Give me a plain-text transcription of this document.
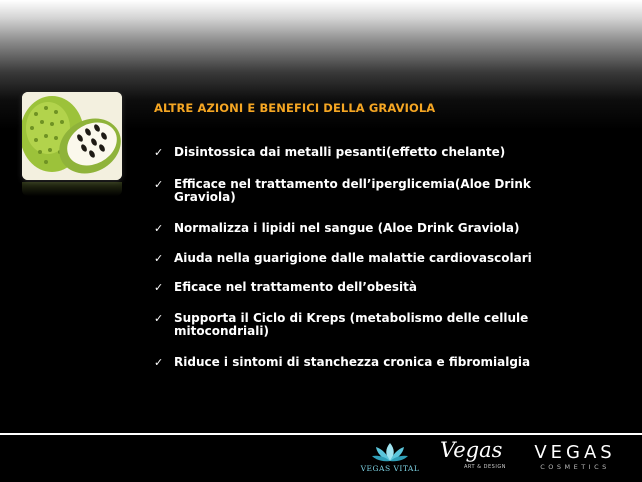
ALTRE AZIONI E BENEFICI DELLA GRAVIOLA
✓ Disintossica dai metalli pesanti(effetto chelante)
✓ Efficace nel trattamento dell’iperglicemia(Aloe Drink Graviola)
✓ Normalizza i lipidi nel sangue (Aloe Drink Graviola)
✓ Aiuda nella guarigione dalle malattie cardiovascolari
✓ Eficace nel trattamento dell’obesità
✓ Supporta il Ciclo di Kreps (metabolismo delle cellule mitocondriali)
✓ Riduce i sintomi di stanchezza cronica e fibromialgia
VEGAS VITAL
Vegas
ART & DESIGN
VEGAS
COSMETICS
